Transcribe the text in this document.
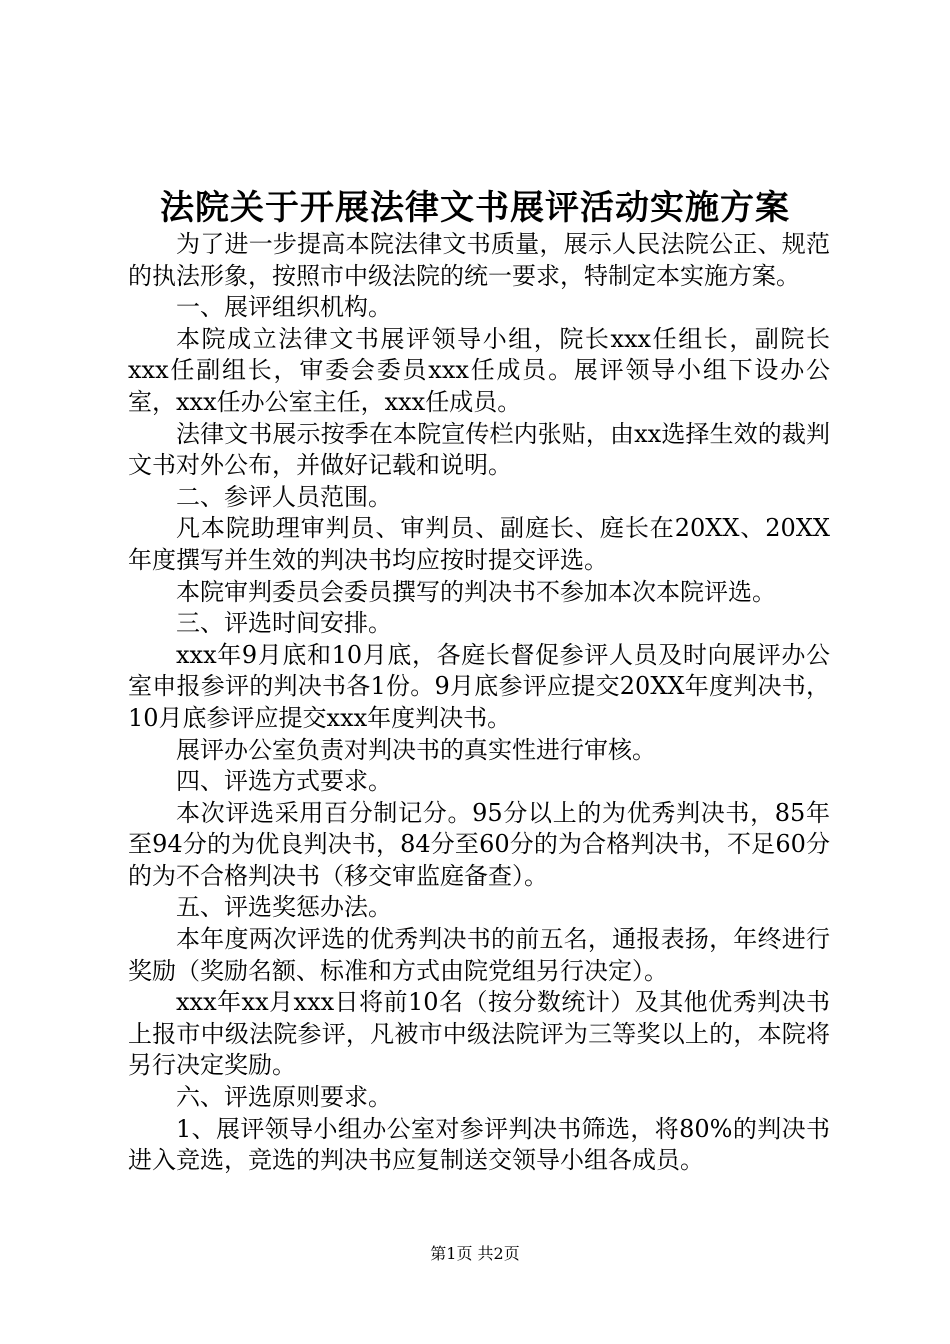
法院关于开展法律文书展评活动实施方案

为了进一步提高本院法律文书质量，展示人民法院公正、规范的执法形象，按照市中级法院的统一要求，特制定本实施方案。

一、展评组织机构。

本院成立法律文书展评领导小组，院长xxx任组长，副院长xxx任副组长，审委会委员xxx任成员。展评领导小组下设办公室，xxx任办公室主任，xxx任成员。

法律文书展示按季在本院宣传栏内张贴，由xx选择生效的裁判文书对外公布，并做好记载和说明。

二、参评人员范围。

凡本院助理审判员、审判员、副庭长、庭长在20XX、20XX年度撰写并生效的判决书均应按时提交评选。

本院审判委员会委员撰写的判决书不参加本次本院评选。

三、评选时间安排。

xxx年9月底和10月底，各庭长督促参评人员及时向展评办公室申报参评的判决书各1份。9月底参评应提交20XX年度判决书，10月底参评应提交xxx年度判决书。

展评办公室负责对判决书的真实性进行审核。

四、评选方式要求。

本次评选采用百分制记分。95分以上的为优秀判决书，85年至94分的为优良判决书，84分至60分的为合格判决书，不足60分的为不合格判决书（移交审监庭备查）。

五、评选奖惩办法。

本年度两次评选的优秀判决书的前五名，通报表扬，年终进行奖励（奖励名额、标准和方式由院党组另行决定）。

xxx年xx月xxx日将前10名（按分数统计）及其他优秀判决书上报市中级法院参评，凡被市中级法院评为三等奖以上的，本院将另行决定奖励。

六、评选原则要求。

1、展评领导小组办公室对参评判决书筛选，将80%的判决书进入竞选，竞选的判决书应复制送交领导小组各成员。

第1页 共2页
